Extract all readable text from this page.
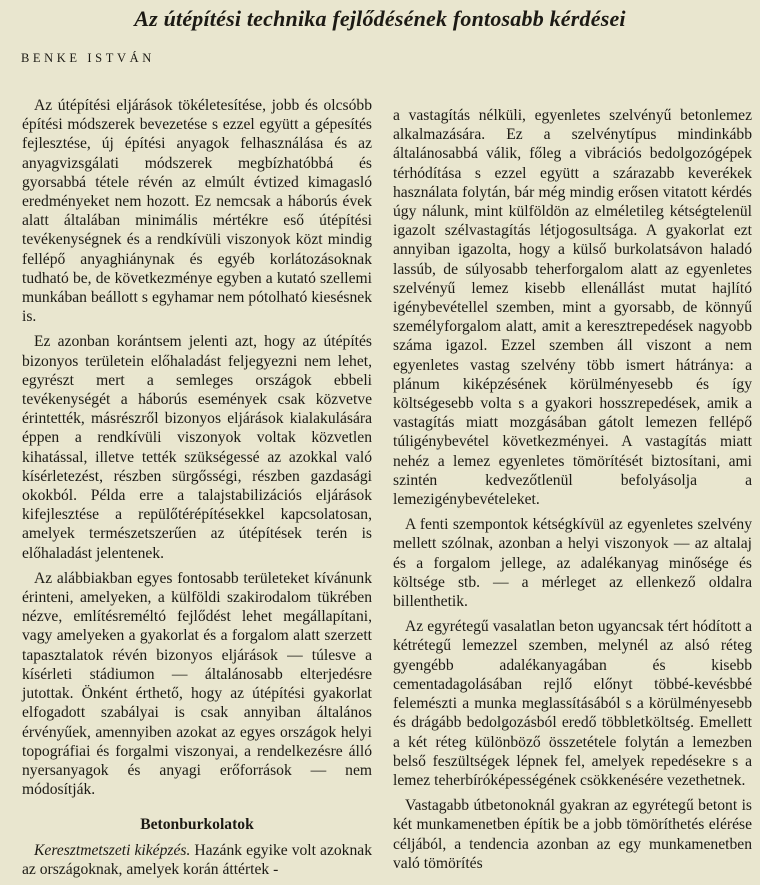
Az útépítési technika fejlődésének fontosabb kérdései
BENKE ISTVÁN

Az útépítési eljárások tökéletesítése, jobb és olcsóbb építési módszerek bevezetése s ezzel együtt a gépesítés fejlesztése, új építési anyagok felhasználása és az anyagvizsgálati módszerek megbízhatóbbá és gyorsabbá tétele révén az elmúlt évtized kimagasló eredményeket nem hozott. Ez nemcsak a háborús évek alatt általában minimális mértékre eső útépítési tevékenységnek és a rendkívüli viszonyok közt mindig fellépő anyaghiánynak és egyéb korlátozásoknak tudható be, de következménye egyben a kutató szellemi munkában beállott s egyhamar nem pótolható kiesésnek is.

Ez azonban korántsem jelenti azt, hogy az útépítés bizonyos területein előhaladást feljegyezni nem lehet, egyrészt mert a semleges országok ebbeli tevékenységét a háborús események csak közvetve érintették, másrészről bizonyos eljárások kialakulására éppen a rendkívüli viszonyok voltak közvetlen kihatással, illetve tették szükségessé az azokkal való kísérletezést, részben sürgősségi, részben gazdasági okokból. Példa erre a talajstabilizációs eljárások kifejlesztése a repülőtérépítésekkel kapcsolatosan, amelyek természetszerűen az útépítések terén is előhaladást jelentenek.

Az alábbiakban egyes fontosabb területeket kívánunk érinteni, amelyeken, a külföldi szakirodalom tükrében nézve, említésreméltó fejlődést lehet megállapítani, vagy amelyeken a gyakorlat és a forgalom alatt szerzett tapasztalatok révén bizonyos eljárások — túlesve a kísérleti stádiumon — általánosabb elterjedésre jutottak. Önként érthető, hogy az útépítési gyakorlat elfogadott szabályai is csak annyiban általános érvényűek, amennyiben azokat az egyes országok helyi topográfiai és forgalmi viszonyai, a rendelkezésre álló nyersanyagok és anyagi erőforrások — nem módosítják.

Betonburkolatok

Keresztmetszeti kiképzés. Hazánk egyike volt azoknak az országoknak, amelyek korán áttértek -

a vastagítás nélküli, egyenletes szelvényű betonlemez alkalmazására. Ez a szelvénytípus mindinkább általánosabbá válik, főleg a vibrációs bedolgozógépek térhódítása s ezzel együtt a szárazabb keverékek használata folytán, bár még mindig erősen vitatott kérdés úgy nálunk, mint külföldön az elméletileg kétségtelenül igazolt szélvastagítás létjogosultsága. A gyakorlat ezt annyiban igazolta, hogy a külső burkolatsávon haladó lassúb, de súlyosabb teherforgalom alatt az egyenletes szelvényű lemez kisebb ellenállást mutat hajlító igénybevétellel szemben, mint a gyorsabb, de könnyű személyforgalom alatt, amit a keresztrepedések nagyobb száma igazol. Ezzel szemben áll viszont a nem egyenletes vastag szelvény több ismert hátránya: a plánum kiképzésének körülményesebb és így költségesebb volta s a gyakori hosszrepedések, amik a vastagítás miatt mozgásában gátolt lemezen fellépő túligénybevétel következményei. A vastagítás miatt nehéz a lemez egyenletes tömörítését biztosítani, ami szintén kedvezőtlenül befolyásolja a lemezigénybevételeket.

A fenti szempontok kétségkívül az egyenletes szelvény mellett szólnak, azonban a helyi viszonyok — az altalaj és a forgalom jellege, az adalékanyag minősége és költsége stb. — a mérleget az ellenkező oldalra billenthetik.

Az egyrétegű vasalatlan beton ugyancsak tért hódított a kétrétegű lemezzel szemben, melynél az alsó réteg gyengébb adalékanyagában és kisebb cementadagolásában rejlő előnyt többé-kevésbbé felemészti a munka meglassításából s a körülményesebb és drágább bedolgozásból eredő többletköltség. Emellett a két réteg különböző összetétele folytán a lemezben belső feszültségek lépnek fel, amelyek repedésekre s a lemez teherbíróképességének csökkenésére vezethetnek.

Vastagabb útbetonoknál gyakran az egyrétegű betont is két munkamenetben építik be a jobb tömöríthetés elérése céljából, a tendencia azonban az egy munkamenetben való tömörítés
